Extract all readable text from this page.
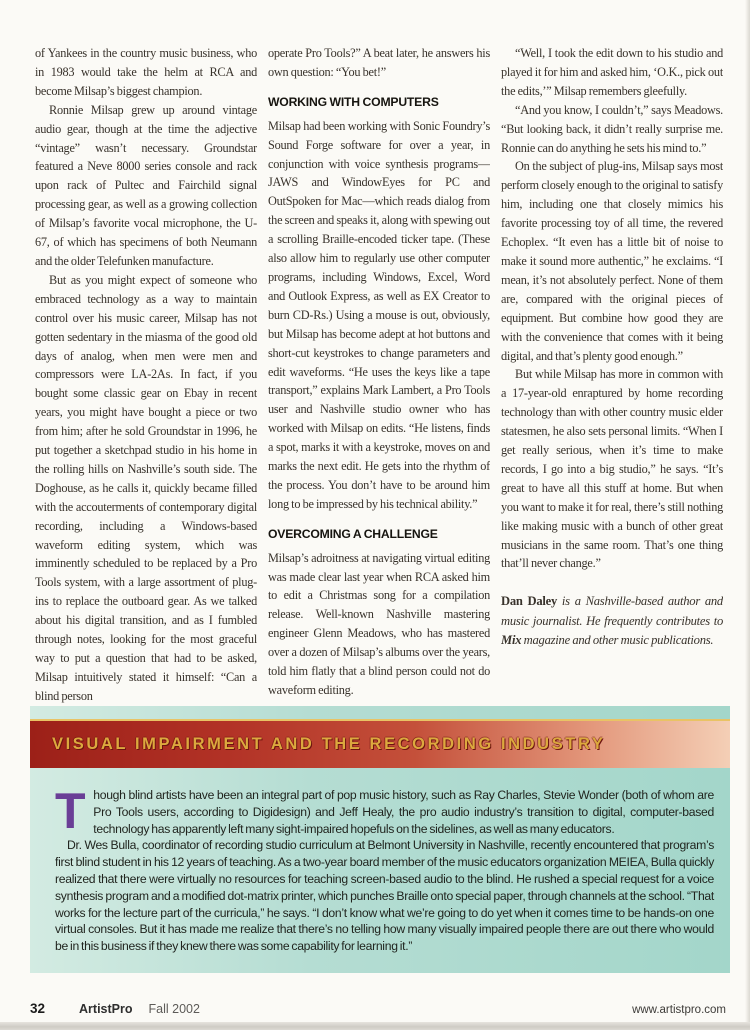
of Yankees in the country music business, who in 1983 would take the helm at RCA and become Milsap’s biggest champion.

Ronnie Milsap grew up around vintage audio gear, though at the time the adjective “vintage” wasn’t necessary. Groundstar featured a Neve 8000 series console and rack upon rack of Pultec and Fairchild signal processing gear, as well as a growing collection of Milsap’s favorite vocal microphone, the U-67, of which has specimens of both Neumann and the older Telefunken manufacture.

But as you might expect of someone who embraced technology as a way to maintain control over his music career, Milsap has not gotten sedentary in the miasma of the good old days of analog, when men were men and compressors were LA-2As. In fact, if you bought some classic gear on Ebay in recent years, you might have bought a piece or two from him; after he sold Groundstar in 1996, he put together a sketchpad studio in his home in the rolling hills on Nashville’s south side. The Doghouse, as he calls it, quickly became filled with the accouterments of contemporary digital recording, including a Windows-based waveform editing system, which was imminently scheduled to be replaced by a Pro Tools system, with a large assortment of plug-ins to replace the outboard gear. As we talked about his digital transition, and as I fumbled through notes, looking for the most graceful way to put a question that had to be asked, Milsap intuitively stated it himself: “Can a blind person

operate Pro Tools?” A beat later, he answers his own question: “You bet!”

WORKING WITH COMPUTERS

Milsap had been working with Sonic Foundry’s Sound Forge software for over a year, in conjunction with voice synthesis programs—JAWS and WindowEyes for PC and OutSpoken for Mac—which reads dialog from the screen and speaks it, along with spewing out a scrolling Braille-encoded ticker tape. (These also allow him to regularly use other computer programs, including Windows, Excel, Word and Outlook Express, as well as EX Creator to burn CD-Rs.) Using a mouse is out, obviously, but Milsap has become adept at hot buttons and short-cut keystrokes to change parameters and edit waveforms. “He uses the keys like a tape transport,” explains Mark Lambert, a Pro Tools user and Nashville studio owner who has worked with Milsap on edits. “He listens, finds a spot, marks it with a keystroke, moves on and marks the next edit. He gets into the rhythm of the process. You don’t have to be around him long to be impressed by his technical ability.”

OVERCOMING A CHALLENGE

Milsap’s adroitness at navigating virtual editing was made clear last year when RCA asked him to edit a Christmas song for a compilation release. Well-known Nashville mastering engineer Glenn Meadows, who has mastered over a dozen of Milsap’s albums over the years, told him flatly that a blind person could not do waveform editing.

“Well, I took the edit down to his studio and played it for him and asked him, ‘O.K., pick out the edits,’” Milsap remembers gleefully.

“And you know, I couldn’t,” says Meadows. “But looking back, it didn’t really surprise me. Ronnie can do anything he sets his mind to.”

On the subject of plug-ins, Milsap says most perform closely enough to the original to satisfy him, including one that closely mimics his favorite processing toy of all time, the revered Echoplex. “It even has a little bit of noise to make it sound more authentic,” he exclaims. “I mean, it’s not absolutely perfect. None of them are, compared with the original pieces of equipment. But combine how good they are with the convenience that comes with it being digital, and that’s plenty good enough.”

But while Milsap has more in common with a 17-year-old enraptured by home recording technology than with other country music elder statesmen, he also sets personal limits. “When I get really serious, when it’s time to make records, I go into a big studio,” he says. “It’s great to have all this stuff at home. But when you want to make it for real, there’s still nothing like making music with a bunch of other great musicians in the same room. That’s one thing that’ll never change.”

Dan Daley is a Nashville-based author and music journalist. He frequently contributes to Mix magazine and other music publications.

VISUAL IMPAIRMENT AND THE RECORDING INDUSTRY

Though blind artists have been an integral part of pop music history, such as Ray Charles, Stevie Wonder (both of whom are Pro Tools users, according to Digidesign) and Jeff Healy, the pro audio industry’s transition to digital, computer-based technology has apparently left many sight-impaired hopefuls on the sidelines, as well as many educators.

Dr. Wes Bulla, coordinator of recording studio curriculum at Belmont University in Nashville, recently encountered that program’s first blind student in his 12 years of teaching. As a two-year board member of the music educators organization MEIEA, Bulla quickly realized that there were virtually no resources for teaching screen-based audio to the blind. He rushed a special request for a voice synthesis program and a modified dot-matrix printer, which punches Braille onto special paper, through channels at the school. “That works for the lecture part of the curricula,” he says. “I don’t know what we’re going to do yet when it comes time to be hands-on one virtual consoles. But it has made me realize that there’s no telling how many visually impaired people there are out there who would be in this business if they knew there was some capability for learning it.”

32	ArtistPro Fall 2002	www.artistpro.com
